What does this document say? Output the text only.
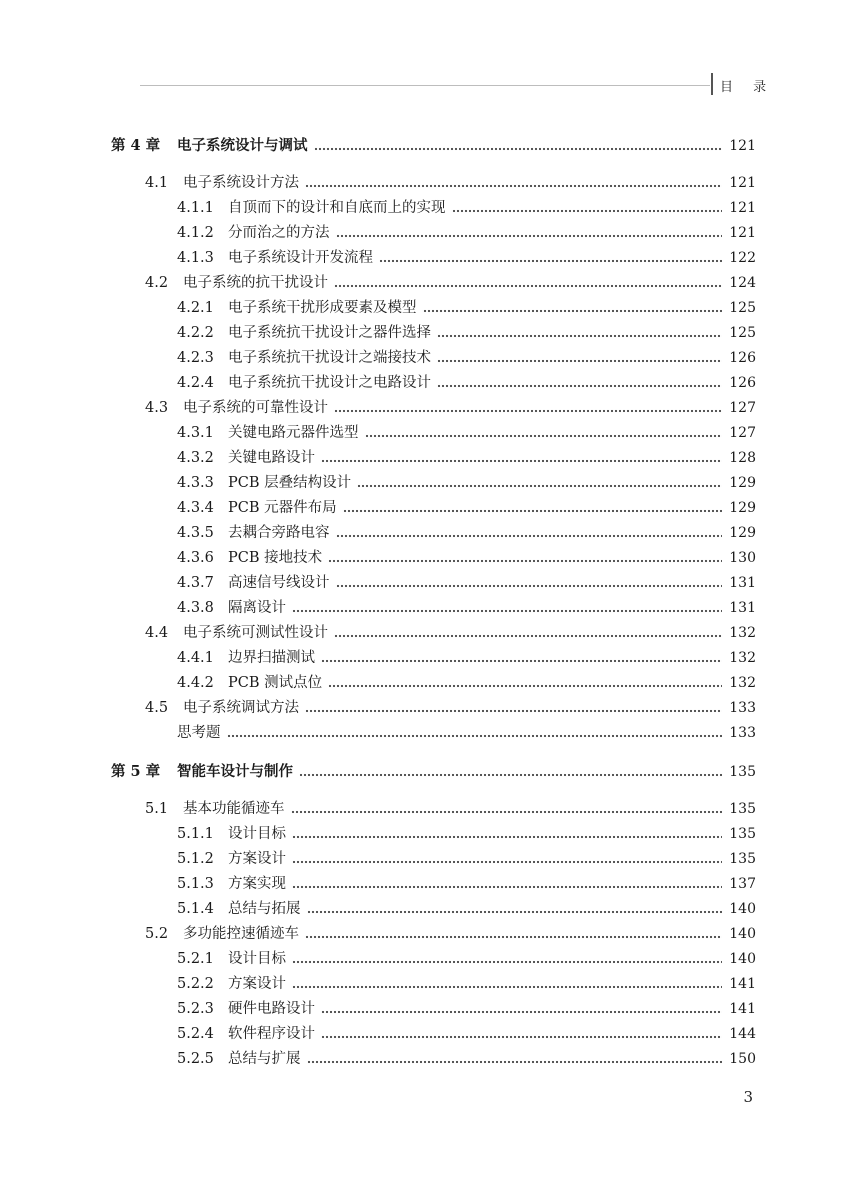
目 录
第 4 章 电子系统设计与调试	121
4.1 电子系统设计方法	121
4.1.1 自顶而下的设计和自底而上的实现	121
4.1.2 分而治之的方法	121
4.1.3 电子系统设计开发流程	122
4.2 电子系统的抗干扰设计	124
4.2.1 电子系统干扰形成要素及模型	125
4.2.2 电子系统抗干扰设计之器件选择	125
4.2.3 电子系统抗干扰设计之端接技术	126
4.2.4 电子系统抗干扰设计之电路设计	126
4.3 电子系统的可靠性设计	127
4.3.1 关键电路元器件选型	127
4.3.2 关键电路设计	128
4.3.3 PCB 层叠结构设计	129
4.3.4 PCB 元器件布局	129
4.3.5 去耦合旁路电容	129
4.3.6 PCB 接地技术	130
4.3.7 高速信号线设计	131
4.3.8 隔离设计	131
4.4 电子系统可测试性设计	132
4.4.1 边界扫描测试	132
4.4.2 PCB 测试点位	132
4.5 电子系统调试方法	133
思考题	133
第 5 章 智能车设计与制作	135
5.1 基本功能循迹车	135
5.1.1 设计目标	135
5.1.2 方案设计	135
5.1.3 方案实现	137
5.1.4 总结与拓展	140
5.2 多功能控速循迹车	140
5.2.1 设计目标	140
5.2.2 方案设计	141
5.2.3 硬件电路设计	141
5.2.4 软件程序设计	144
5.2.5 总结与扩展	150
3
